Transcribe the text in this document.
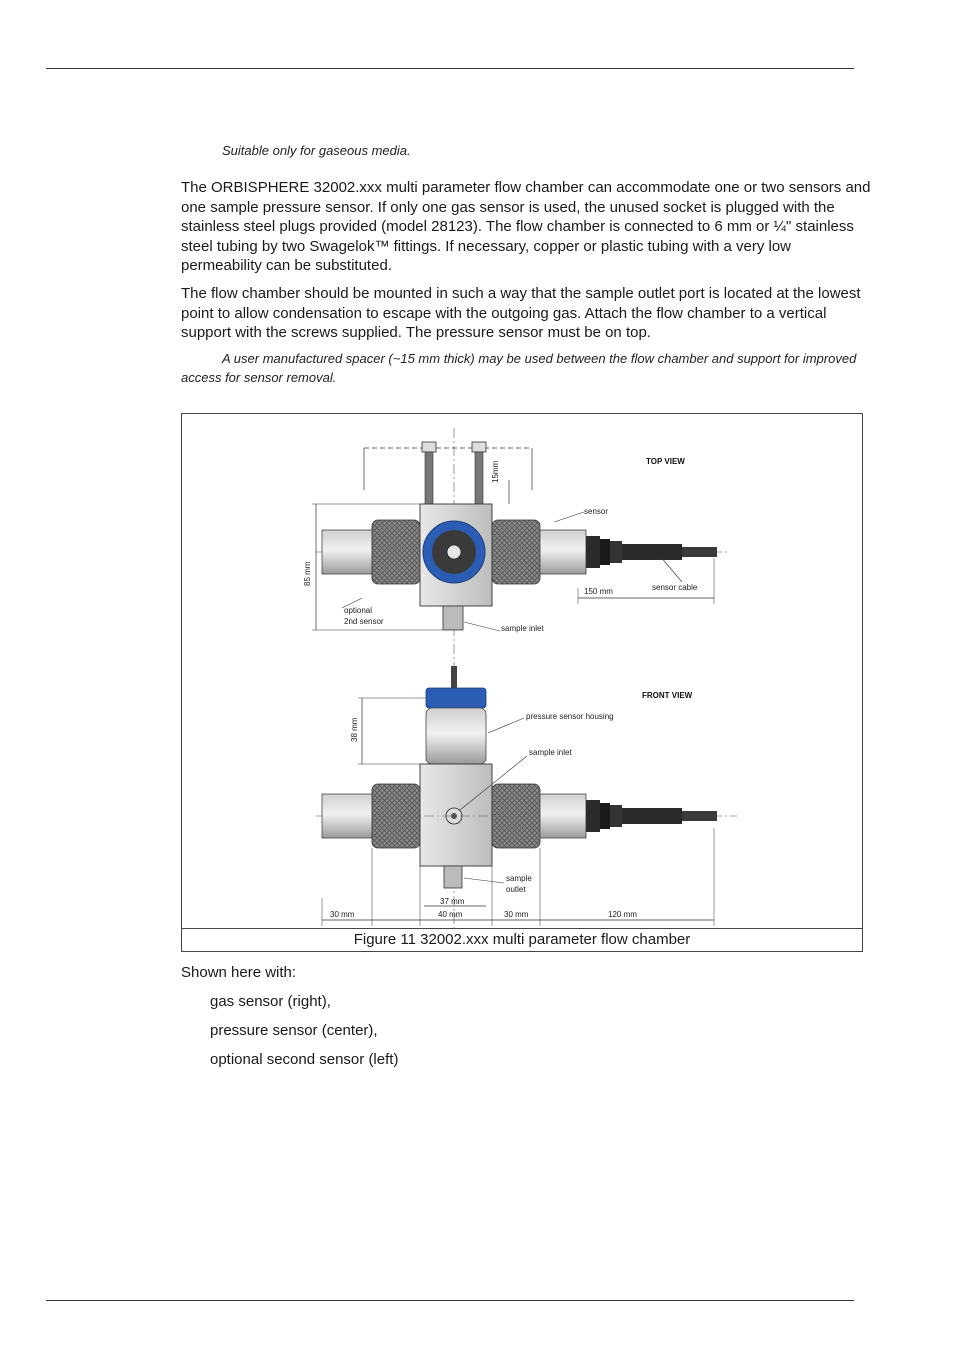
Suitable only for gaseous media.
The ORBISPHERE 32002.xxx multi parameter flow chamber can accommodate one or two sensors and one sample pressure sensor. If only one gas sensor is used, the unused socket is plugged with the stainless steel plugs provided (model 28123). The flow chamber is connected to 6 mm or ¼" stainless steel tubing by two Swagelok™ fittings. If necessary, copper or plastic tubing with a very low permeability can be substituted.
The flow chamber should be mounted in such a way that the sample outlet port is located at the lowest point to allow condensation to escape with the outgoing gas. Attach the flow chamber to a vertical support with the screws supplied. The pressure sensor must be on top.
A user manufactured spacer (~15 mm thick) may be used between the flow chamber and support for improved access for sensor removal.
15mm
85 mm
150 mm
TOP VIEW
sensor
sensor cable
optional
2nd sensor
sample inlet
38 mm
37 mm
30 mm	40 mm	30 mm	120 mm
FRONT VIEW
pressure sensor housing
sample inlet
sample
outlet
Figure 11 32002.xxx multi parameter flow chamber
Shown here with:
gas sensor (right),
pressure sensor (center),
optional second sensor (left)
